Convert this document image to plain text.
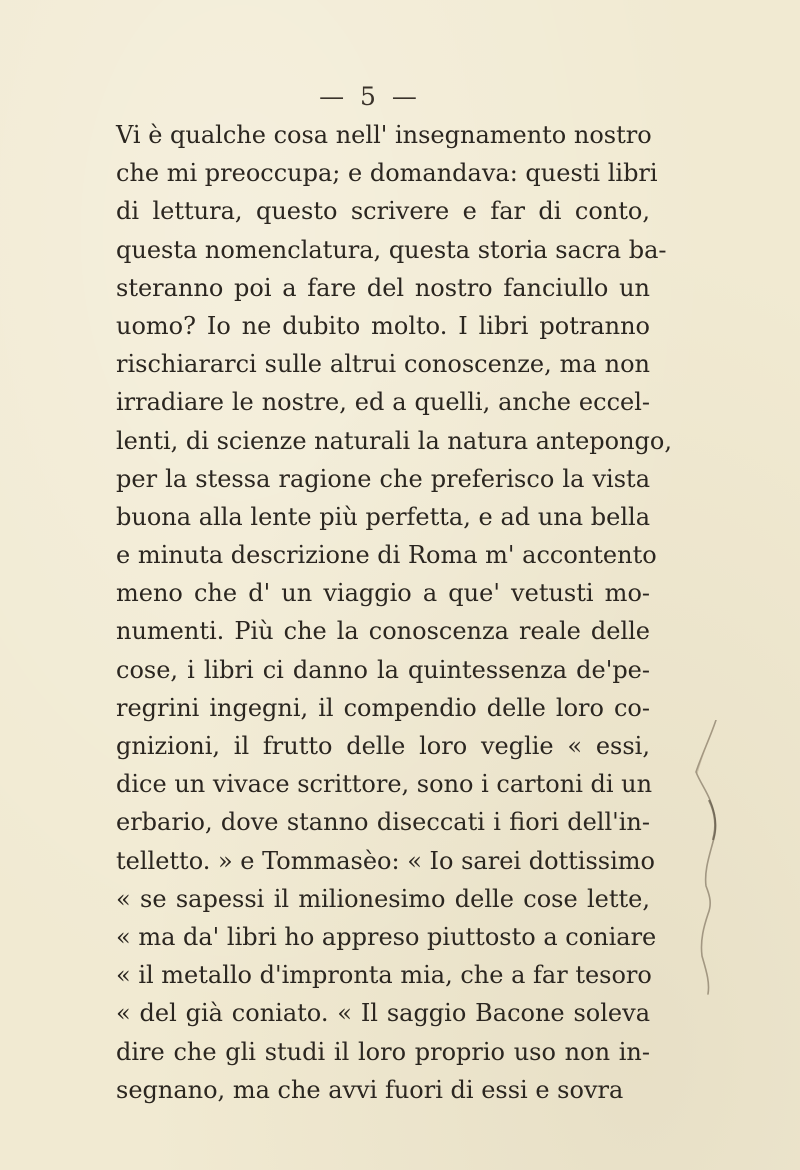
— 5 —
Vi è qualche cosa nell' insegnamento nostro
che mi preoccupa; e domandava: questi libri
di lettura, questo scrivere e far di conto,
questa nomenclatura, questa storia sacra ba-
steranno poi a fare del nostro fanciullo un
uomo? Io ne dubito molto. I libri potranno
rischiararci sulle altrui conoscenze, ma non
irradiare le nostre, ed a quelli, anche eccel-
lenti, di scienze naturali la natura antepongo,
per la stessa ragione che preferisco la vista
buona alla lente più perfetta, e ad una bella
e minuta descrizione di Roma m' accontento
meno che d' un viaggio a que' vetusti mo-
numenti. Più che la conoscenza reale delle
cose, i libri ci danno la quintessenza de'pe-
regrini ingegni, il compendio delle loro co-
gnizioni, il frutto delle loro veglie « essi,
dice un vivace scrittore, sono i cartoni di un
erbario, dove stanno diseccati i fiori dell'in-
telletto. » e Tommasèo: « Io sarei dottissimo
« se sapessi il milionesimo delle cose lette,
« ma da' libri ho appreso piuttosto a coniare
« il metallo d'impronta mia, che a far tesoro
« del già coniato. « Il saggio Bacone soleva
dire che gli studi il loro proprio uso non in-
segnano, ma che avvi fuori di essi e sovra
